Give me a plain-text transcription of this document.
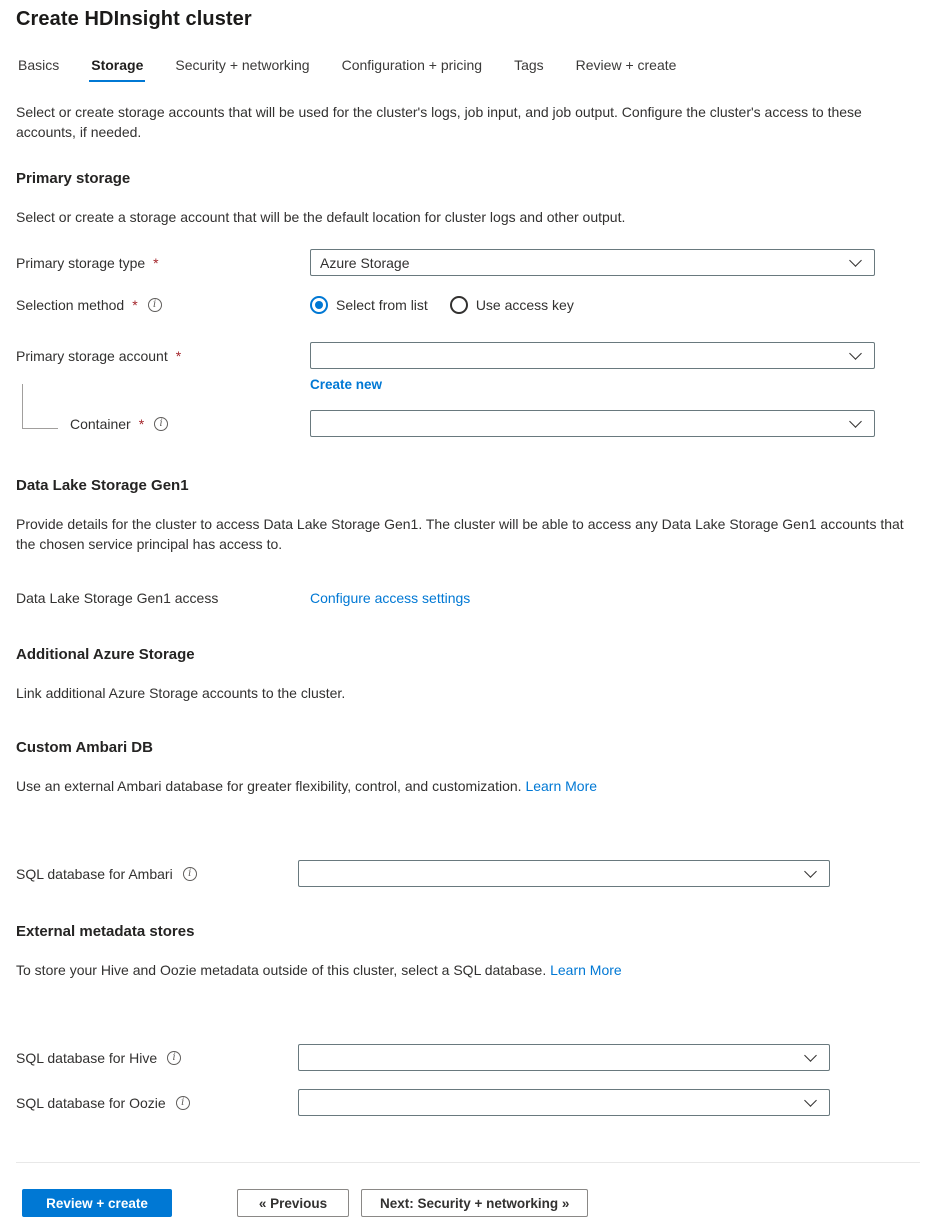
Create HDInsight cluster
Basics Storage Security + networking Configuration + pricing Tags Review + create

Select or create storage accounts that will be used for the cluster's logs, job input, and job output. Configure the cluster's access to these accounts, if needed.

Primary storage

Select or create a storage account that will be the default location for cluster logs and other output.

Primary storage type *	Azure Storage
Selection method *	i	Select from list	Use access key
Primary storage account *
Create new
Container *	i
Data Lake Storage Gen1

Provide details for the cluster to access Data Lake Storage Gen1. The cluster will be able to access any Data Lake Storage Gen1 accounts that the chosen service principal has access to.

Data Lake Storage Gen1 access	Configure access settings
Additional Azure Storage

Link additional Azure Storage accounts to the cluster.

Custom Ambari DB

Use an external Ambari database for greater flexibility, control, and customization. Learn More

SQL database for Ambari	i
External metadata stores

To store your Hive and Oozie metadata outside of this cluster, select a SQL database. Learn More

SQL database for Hive	i
SQL database for Oozie	i
Review + create	« Previous	Next: Security + networking »
